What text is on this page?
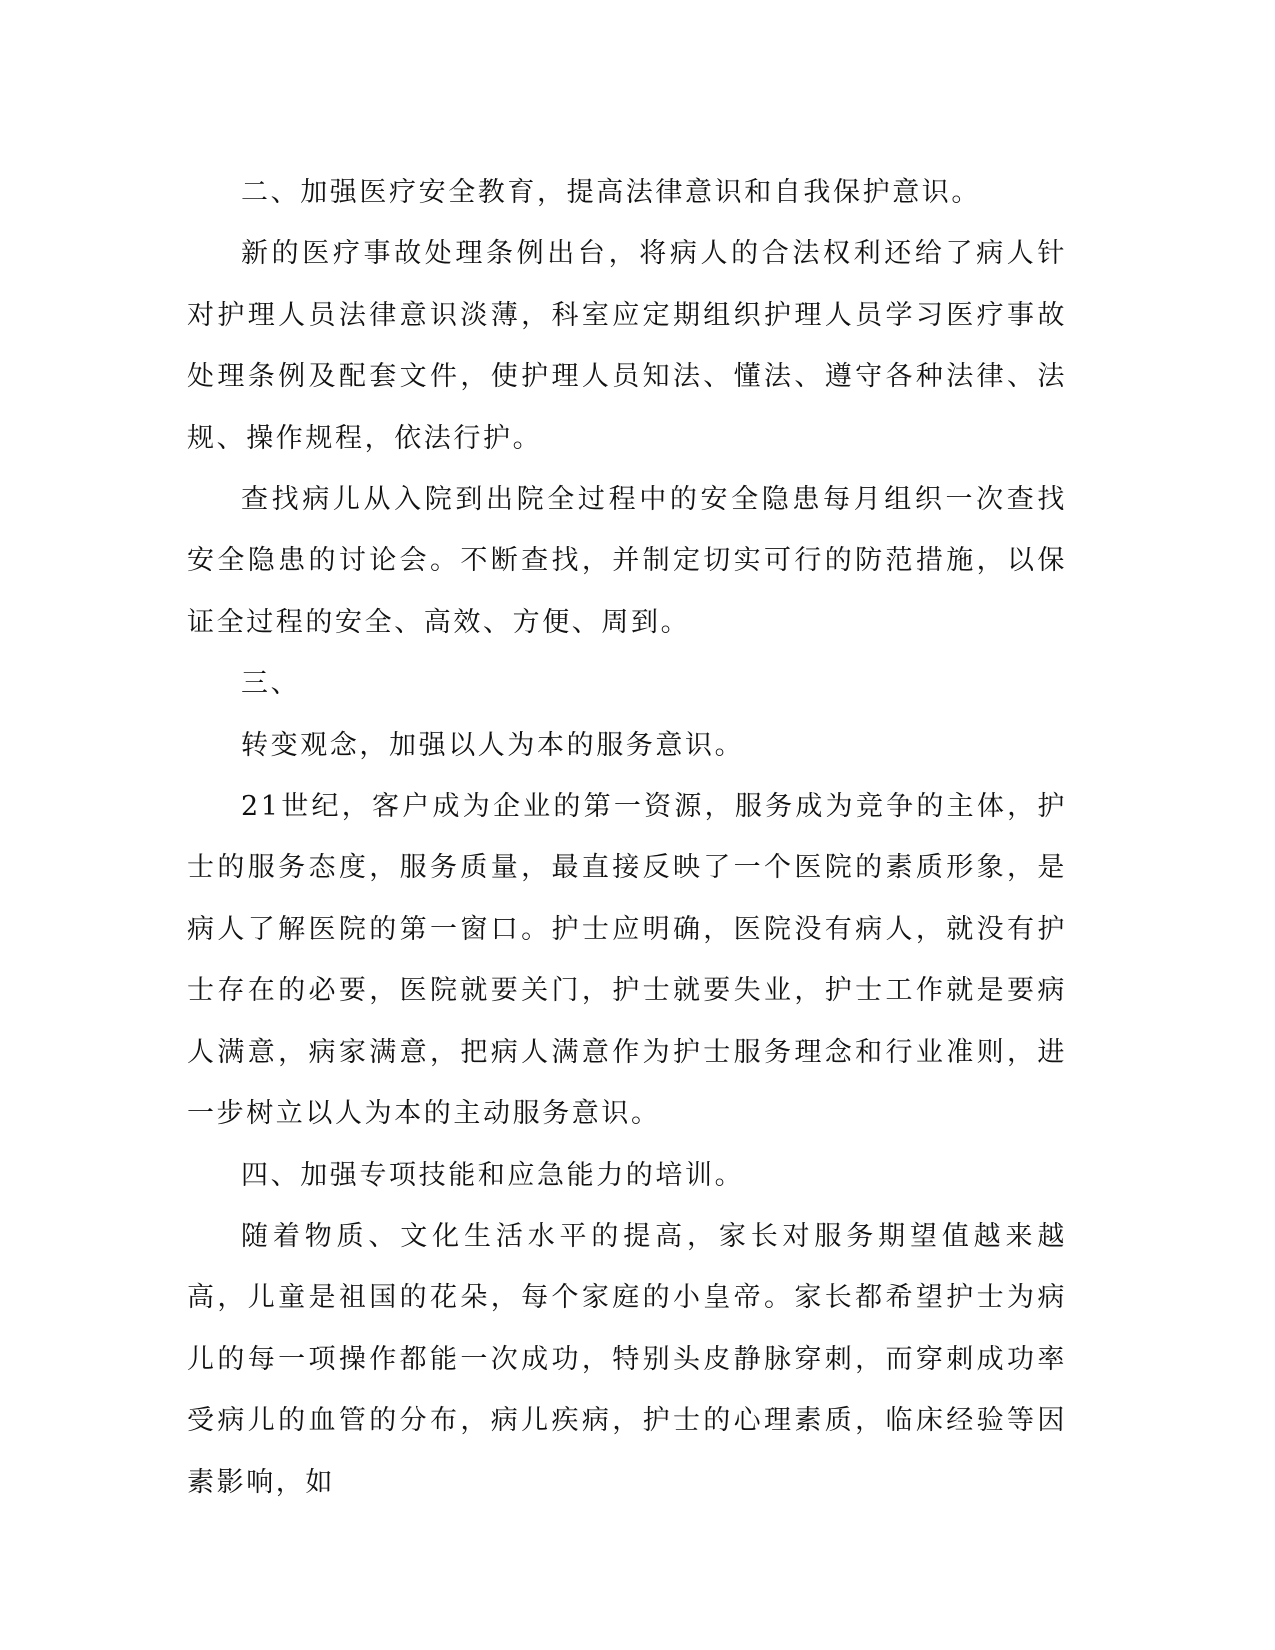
二、加强医疗安全教育，提高法律意识和自我保护意识。

新的医疗事故处理条例出台，将病人的合法权利还给了病人针对护理人员法律意识淡薄，科室应定期组织护理人员学习医疗事故处理条例及配套文件，使护理人员知法、懂法、遵守各种法律、法规、操作规程，依法行护。

查找病儿从入院到出院全过程中的安全隐患每月组织一次查找安全隐患的讨论会。不断查找，并制定切实可行的防范措施，以保证全过程的安全、高效、方便、周到。

三、

转变观念，加强以人为本的服务意识。

21世纪，客户成为企业的第一资源，服务成为竞争的主体，护士的服务态度，服务质量，最直接反映了一个医院的素质形象，是病人了解医院的第一窗口。护士应明确，医院没有病人，就没有护士存在的必要，医院就要关门，护士就要失业，护士工作就是要病人满意，病家满意，把病人满意作为护士服务理念和行业准则，进一步树立以人为本的主动服务意识。

四、加强专项技能和应急能力的培训。

随着物质、文化生活水平的提高，家长对服务期望值越来越高，儿童是祖国的花朵，每个家庭的小皇帝。家长都希望护士为病儿的每一项操作都能一次成功，特别头皮静脉穿刺，而穿刺成功率受病儿的血管的分布，病儿疾病，护士的心理素质，临床经验等因素影响，如
